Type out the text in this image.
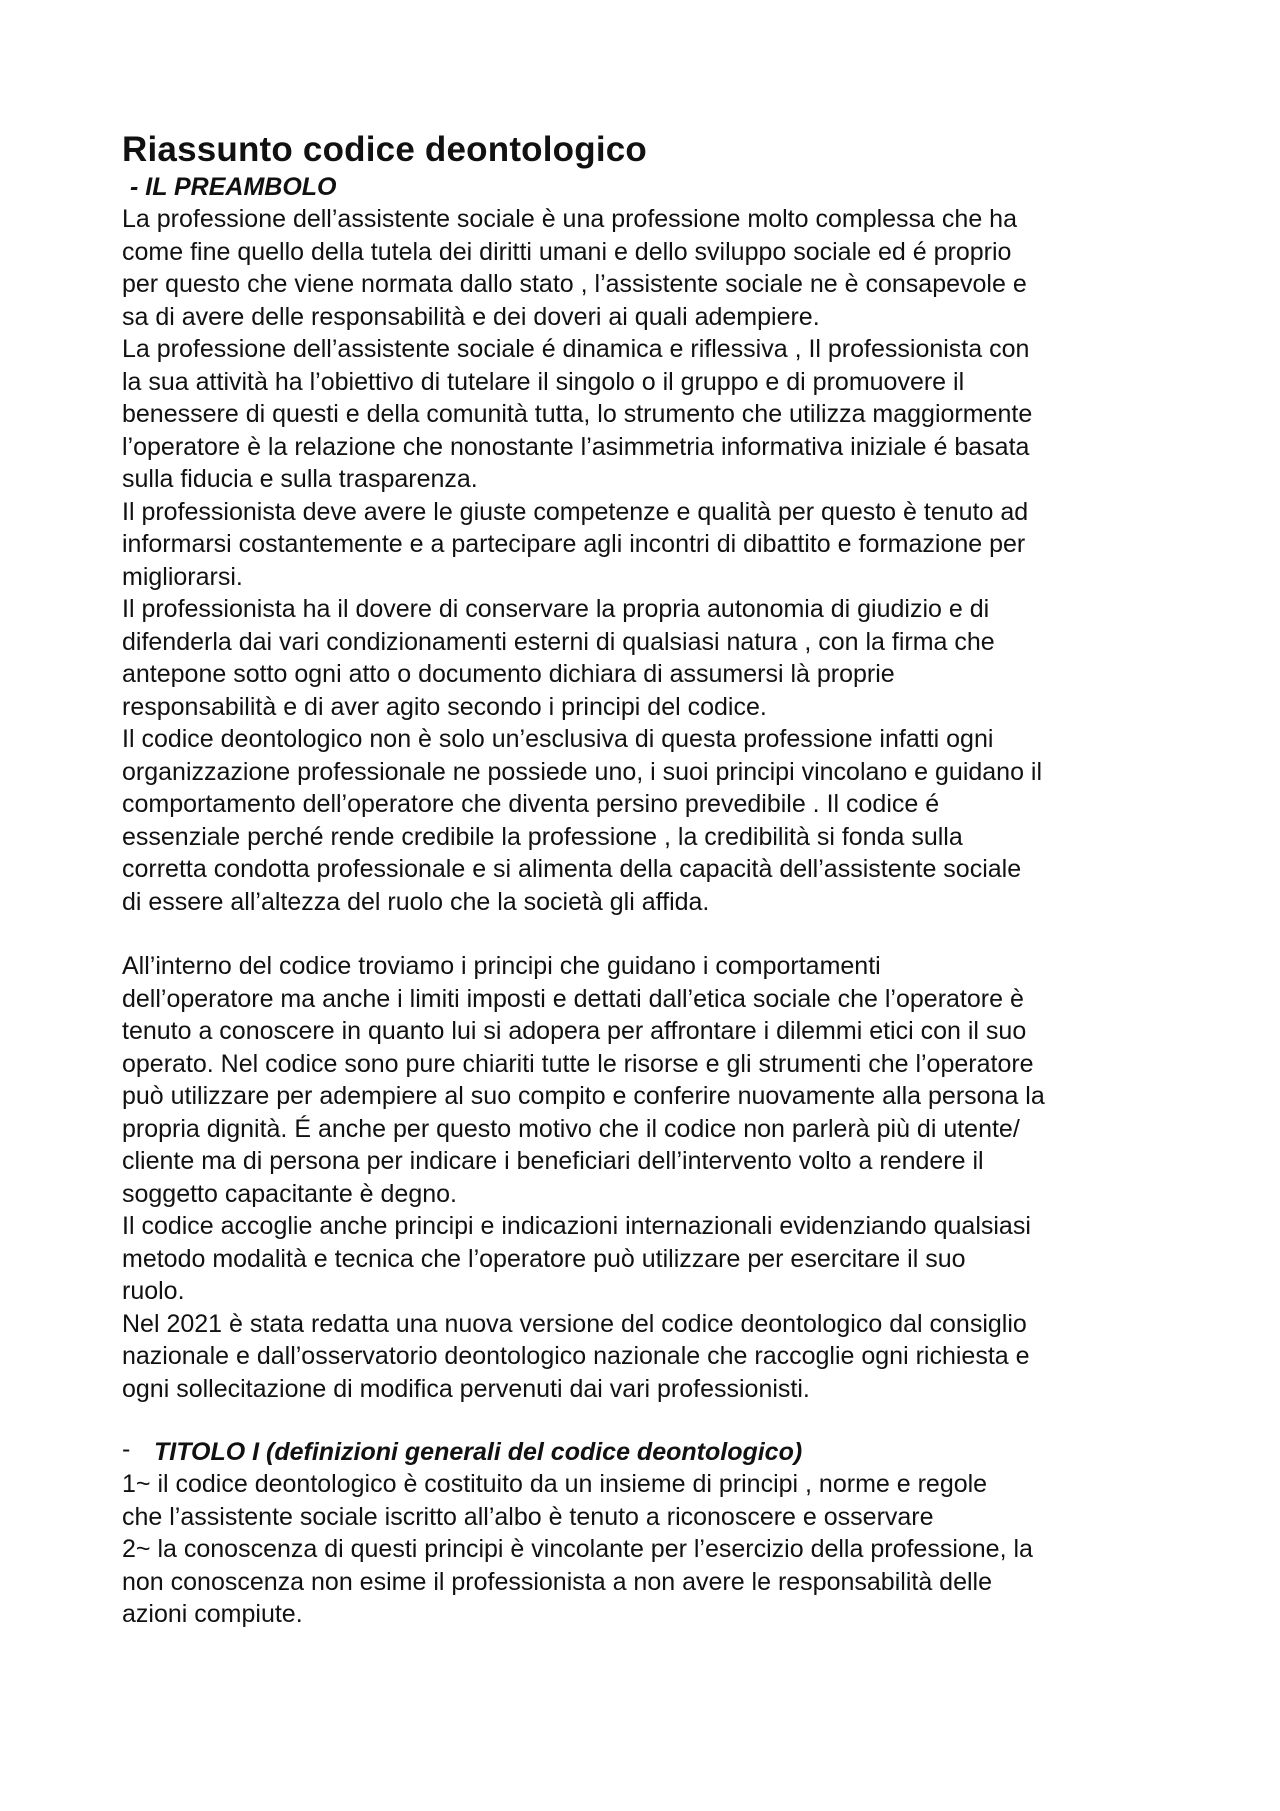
Riassunto codice deontologico
- IL PREAMBOLO

La professione dell’assistente sociale è una professione molto complessa che ha
come fine quello della tutela dei diritti umani e dello sviluppo sociale ed é proprio
per questo che viene normata dallo stato , l’assistente sociale ne è consapevole e
sa di avere delle responsabilità e dei doveri ai quali adempiere.

La professione dell’assistente sociale é dinamica e riflessiva , Il professionista con
la sua attività ha l’obiettivo di tutelare il singolo o il gruppo e di promuovere il
benessere di questi e della comunità tutta, lo strumento che utilizza maggiormente
l’operatore è la relazione che nonostante l’asimmetria informativa iniziale é basata
sulla fiducia e sulla trasparenza.

Il professionista deve avere le giuste competenze e qualità per questo è tenuto ad
informarsi costantemente e a partecipare agli incontri di dibattito e formazione per
migliorarsi.

Il professionista ha il dovere di conservare la propria autonomia di giudizio e di
difenderla dai vari condizionamenti esterni di qualsiasi natura , con la firma che
antepone sotto ogni atto o documento dichiara di assumersi là proprie
responsabilità e di aver agito secondo i principi del codice.

Il codice deontologico non è solo un’esclusiva di questa professione infatti ogni
organizzazione professionale ne possiede uno, i suoi principi vincolano e guidano il
comportamento dell’operatore che diventa persino prevedibile . Il codice é
essenziale perché rende credibile la professione , la credibilità si fonda sulla
corretta condotta professionale e si alimenta della capacità dell’assistente sociale
di essere all’altezza del ruolo che la società gli affida.

All’interno del codice troviamo i principi che guidano i comportamenti
dell’operatore ma anche i limiti imposti e dettati dall’etica sociale che l’operatore è
tenuto a conoscere in quanto lui si adopera per affrontare i dilemmi etici con il suo
operato. Nel codice sono pure chiariti tutte le risorse e gli strumenti che l’operatore
può utilizzare per adempiere al suo compito e conferire nuovamente alla persona la
propria dignità. É anche per questo motivo che il codice non parlerà più di utente/
cliente ma di persona per indicare i beneficiari dell’intervento volto a rendere il
soggetto capacitante è degno.

Il codice accoglie anche principi e indicazioni internazionali evidenziando qualsiasi
metodo modalità e tecnica che l’operatore può utilizzare per esercitare il suo
ruolo.

Nel 2021 è stata redatta una nuova versione del codice deontologico dal consiglio
nazionale e dall’osservatorio deontologico nazionale che raccoglie ogni richiesta e
ogni sollecitazione di modifica pervenuti dai vari professionisti.

- TITOLO I (definizioni generali del codice deontologico)

1~ il codice deontologico è costituito da un insieme di principi , norme e regole
che l’assistente sociale iscritto all’albo è tenuto a riconoscere e osservare

2~ la conoscenza di questi principi è vincolante per l’esercizio della professione, la
non conoscenza non esime il professionista a non avere le responsabilità delle
azioni compiute.
